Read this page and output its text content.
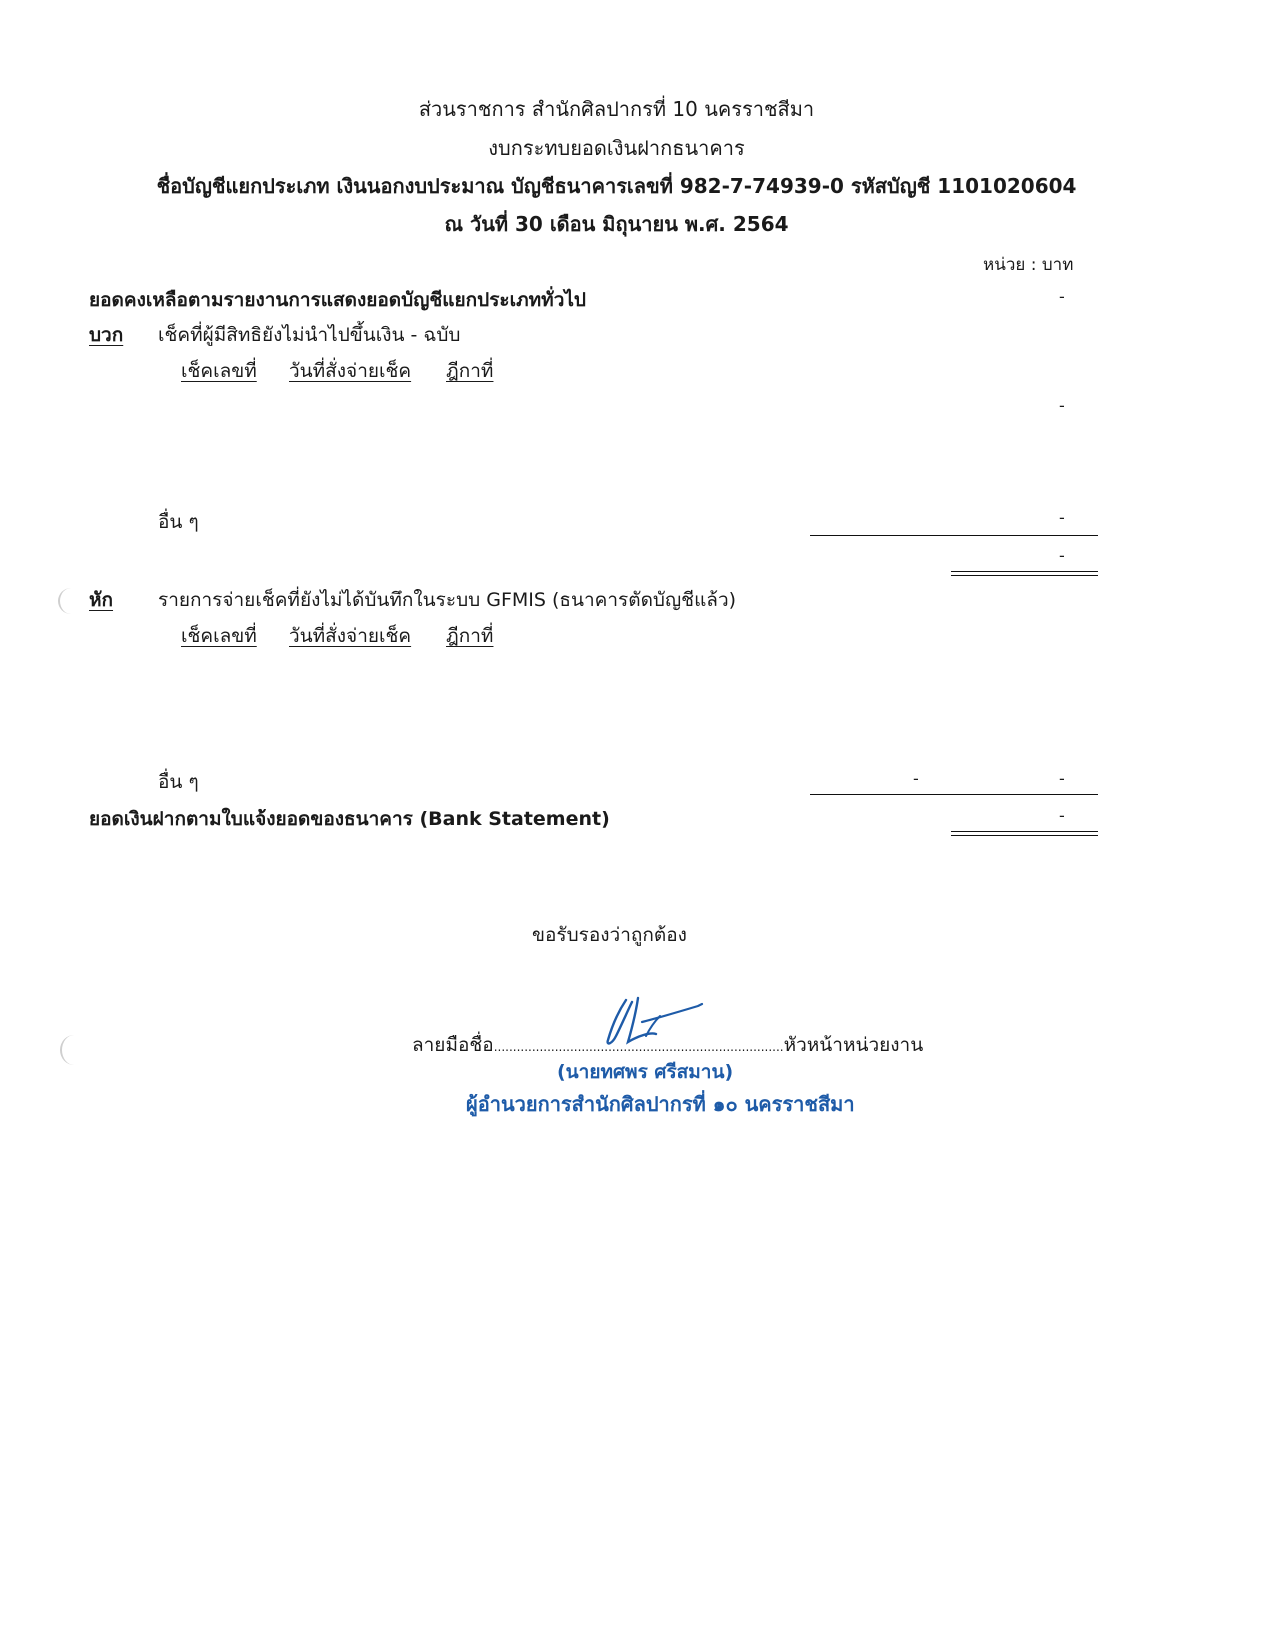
ส่วนราชการ สำนักศิลปากรที่ 10 นครราชสีมา
งบกระทบยอดเงินฝากธนาคาร
ชื่อบัญชีแยกประเภท เงินนอกงบประมาณ บัญชีธนาคารเลขที่ 982-7-74939-0 รหัสบัญชี 1101020604
ณ วันที่ 30 เดือน มิถุนายน พ.ศ. 2564
หน่วย : บาท
ยอดคงเหลือตามรายงานการแสดงยอดบัญชีแยกประเภททั่วไป	-
บวก เช็คที่ผู้มีสิทธิยังไม่นำไปขึ้นเงิน - ฉบับ
เช็คเลขที่ วันที่สั่งจ่ายเช็ค ฎีกาที่
-
อื่น ๆ	-
-
หัก รายการจ่ายเช็คที่ยังไม่ได้บันทึกในระบบ GFMIS (ธนาคารตัดบัญชีแล้ว)
เช็คเลขที่ วันที่สั่งจ่ายเช็ค ฎีกาที่
อื่น ๆ	-	-
ยอดเงินฝากตามใบแจ้งยอดของธนาคาร (Bank Statement)	-
ขอรับรองว่าถูกต้อง
ลายมือชื่อ............................................................................หัวหน้าหน่วยงาน
(นายทศพร ศรีสมาน)
ผู้อำนวยการสำนักศิลปากรที่ ๑๐ นครราชสีมา
